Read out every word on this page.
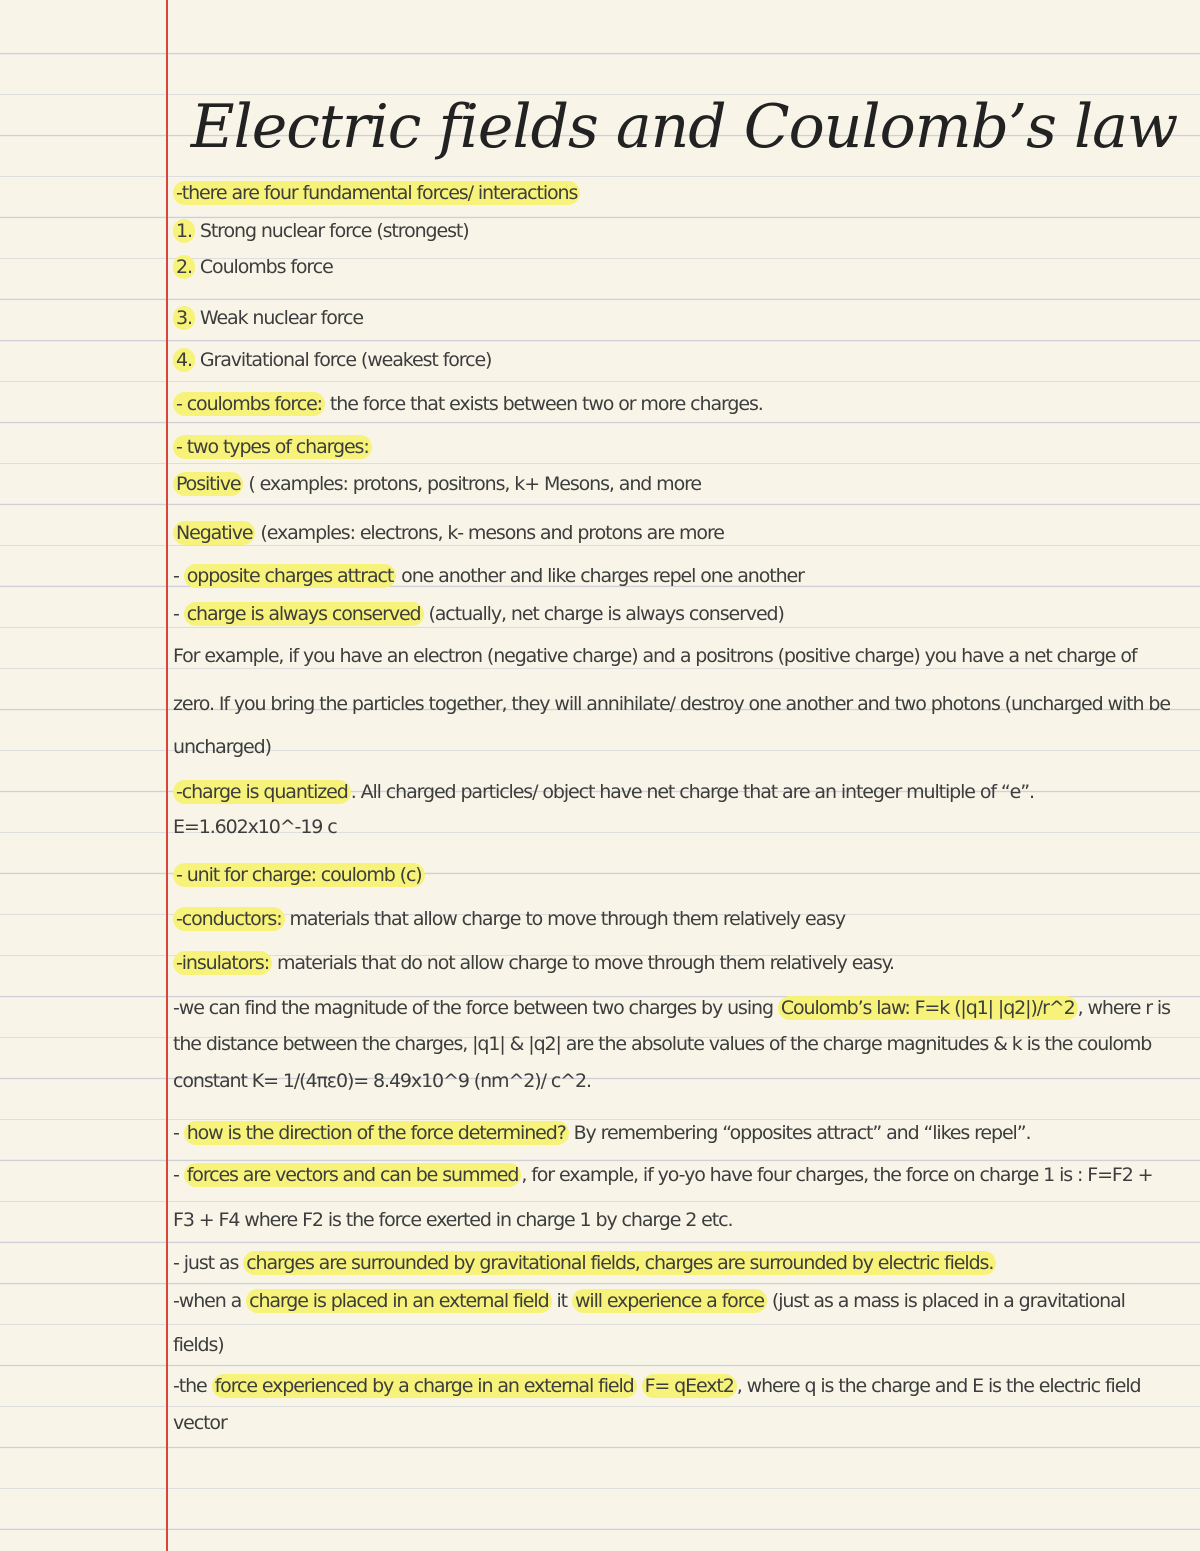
Electric fields and Coulomb’s law
-there are four fundamental forces/ interactions
1. Strong nuclear force (strongest)
2. Coulombs force
3. Weak nuclear force
4. Gravitational force (weakest force)
- coulombs force: the force that exists between two or more charges.
- two types of charges:
Positive ( examples: protons, positrons, k+ Mesons, and more
Negative (examples: electrons, k- mesons and protons are more
- opposite charges attract one another and like charges repel one another
- charge is always conserved (actually, net charge is always conserved)
For example, if you have an electron (negative charge) and a positrons (positive charge) you have a net charge of
zero. If you bring the particles together, they will annihilate/ destroy one another and two photons (uncharged with be
uncharged)
-charge is quantized . All charged particles/ object have net charge that are an integer multiple of “e”.
E=1.602x10^-19 c
- unit for charge: coulomb (c)
-conductors: materials that allow charge to move through them relatively easy
-insulators: materials that do not allow charge to move through them relatively easy.
-we can find the magnitude of the force between two charges by using Coulomb’s law: F=k (|q1| |q2|)/r^2 , where r is
the distance between the charges, |q1| & |q2| are the absolute values of the charge magnitudes & k is the coulomb
constant K= 1/(4πε0)= 8.49x10^9 (nm^2)/ c^2.
- how is the direction of the force determined? By remembering “opposites attract” and “likes repel”.
- forces are vectors and can be summed , for example, if yo-yo have four charges, the force on charge 1 is : F=F2 +
F3 + F4 where F2 is the force exerted in charge 1 by charge 2 etc.
- just as charges are surrounded by gravitational fields, charges are surrounded by electric fields.
-when a charge is placed in an external field it will experience a force (just as a mass is placed in a gravitational
fields)
-the force experienced by a charge in an external field F= qEext2 , where q is the charge and E is the electric field
vector
